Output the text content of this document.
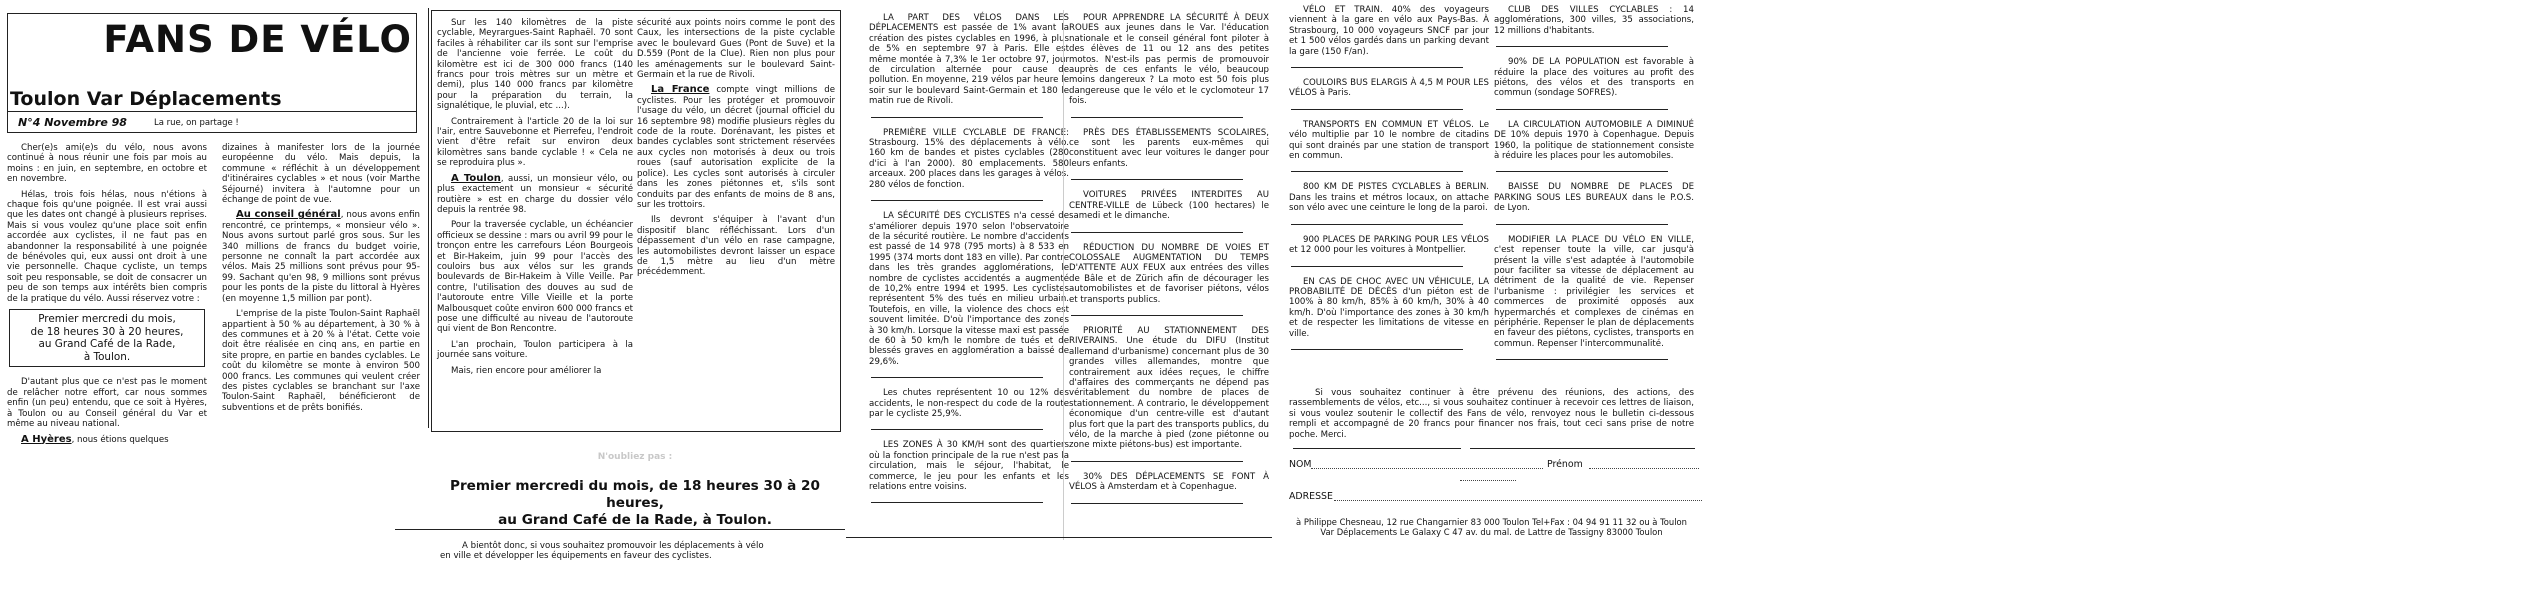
FANS DE VÉLO
Toulon Var Déplacements
N°4 Novembre 98	La rue, on partage !

Cher(e)s ami(e)s du vélo, nous avons continué à nous réunir une fois par mois au moins : en juin, en septembre, en octobre et en novembre.

Hélas, trois fois hélas, nous n'étions à chaque fois qu'une poignée. Il est vrai aussi que les dates ont changé à plusieurs reprises. Mais si vous voulez qu'une place soit enfin accordée aux cyclistes, il ne faut pas en abandonner la responsabilité à une poignée de bénévoles qui, eux aussi ont droit à une vie personnelle. Chaque cycliste, un temps soit peu responsable, se doit de consacrer un peu de son temps aux intérêts bien compris de la pratique du vélo. Aussi réservez votre :

Premier mercredi du mois,
de 18 heures 30 à 20 heures,
au Grand Café de la Rade,
à Toulon.

D'autant plus que ce n'est pas le moment de relâcher notre effort, car nous sommes enfin (un peu) entendu, que ce soit à Hyères, à Toulon ou au Conseil général du Var et même au niveau national.

A Hyères, nous étions quelques

dizaines à manifester lors de la journée européenne du vélo. Mais depuis, la commune « réfléchit à un développement d'itinéraires cyclables » et nous (voir Marthe Séjourné) invitera à l'automne pour un échange de point de vue.

Au conseil général, nous avons enfin rencontré, ce printemps, « monsieur vélo ». Nous avons surtout parlé gros sous. Sur les 340 millions de francs du budget voirie, personne ne connaît la part accordée aux vélos. Mais 25 millions sont prévus pour 95-99. Sachant qu'en 98, 9 millions sont prévus pour les ponts de la piste du littoral à Hyères (en moyenne 1,5 million par pont).

L'emprise de la piste Toulon-Saint Raphaël appartient à 50 % au département, à 30 % à des communes et à 20 % à l'état. Cette voie doit être réalisée en cinq ans, en partie en site propre, en partie en bandes cyclables. Le coût du kilomètre se monte à environ 500 000 francs. Les communes qui veulent créer des pistes cyclables se branchant sur l'axe Toulon-Saint Raphaël, bénéficieront de subventions et de prêts bonifiés.

Sur les 140 kilomètres de la piste cyclable, Meyrargues-Saint Raphaël. 70 sont faciles à réhabiliter car ils sont sur l'emprise de l'ancienne voie ferrée. Le coût du kilomètre est ici de 300 000 francs (140 francs pour trois mètres sur un mètre et demi), plus 140 000 francs par kilomètre pour la préparation du terrain, la signalétique, le pluvial, etc ...).

Contrairement à l'article 20 de la loi sur l'air, entre Sauvebonne et Pierrefeu, l'endroit vient d'être refait sur environ deux kilomètres sans bande cyclable ! « Cela ne se reproduira plus ».

A Toulon, aussi, un monsieur vélo, ou plus exactement un monsieur « sécurité routière » est en charge du dossier vélo depuis la rentrée 98.

Pour la traversée cyclable, un échéancier officieux se dessine : mars ou avril 99 pour le tronçon entre les carrefours Léon Bourgeois et Bir-Hakeim, juin 99 pour l'accès des couloirs bus aux vélos sur les grands boulevards de Bir-Hakeim à Ville Veille. Par contre, l'utilisation des douves au sud de l'autoroute entre Ville Vieille et la porte Malbousquet coûte environ 600 000 francs et pose une difficulté au niveau de l'autoroute qui vient de Bon Rencontre.

L'an prochain, Toulon participera à la journée sans voiture.

Mais, rien encore pour améliorer la

sécurité aux points noirs comme le pont des Caux, les intersections de la piste cyclable avec le boulevard Gues (Pont de Suve) et la D.559 (Pont de la Clue). Rien non plus pour les aménagements sur le boulevard Saint-Germain et la rue de Rivoli.

La France compte vingt millions de cyclistes. Pour les protéger et promouvoir l'usage du vélo, un décret (journal officiel du 16 septembre 98) modifie plusieurs règles du code de la route. Dorénavant, les pistes et bandes cyclables sont strictement réservées aux cycles non motorisés à deux ou trois roues (sauf autorisation explicite de la police). Les cycles sont autorisés à circuler dans les zones piétonnes et, s'ils sont conduits par des enfants de moins de 8 ans, sur les trottoirs.

Ils devront s'équiper à l'avant d'un dispositif blanc réfléchissant. Lors d'un dépassement d'un vélo en rase campagne, les automobilistes devront laisser un espace de 1,5 mètre au lieu d'un mètre précédemment.

N'oubliez pas :
Premier mercredi du mois, de 18 heures 30 à 20 heures,
au Grand Café de la Rade, à Toulon.
A bientôt donc, si vous souhaitez promouvoir les déplacements à vélo en ville et développer les équipements en faveur des cyclistes.

LA PART DES VÉLOS DANS LES DÉPLACEMENTS est passée de 1% avant la création des pistes cyclables en 1996, à plus de 5% en septembre 97 à Paris. Elle est même montée à 7,3% le 1er octobre 97, jour de circulation alternée pour cause de pollution. En moyenne, 219 vélos par heure le soir sur le boulevard Saint-Germain et 180 le matin rue de Rivoli.

PREMIÈRE VILLE CYCLABLE DE FRANCE: Strasbourg. 15% des déplacements à vélo. 160 km de bandes et pistes cyclables (280 d'ici à l'an 2000). 80 emplacements. 580 arceaux. 200 places dans les garages à vélos. 280 vélos de fonction.

LA SÉCURITÉ DES CYCLISTES n'a cessé de s'améliorer depuis 1970 selon l'observatoire de la sécurité routière. Le nombre d'accidents est passé de 14 978 (795 morts) à 8 533 en 1995 (374 morts dont 183 en ville). Par contre dans les très grandes agglomérations, le nombre de cyclistes accidentés a augmenté de 10,2% entre 1994 et 1995. Les cyclistes représentent 5% des tués en milieu urbain. Toutefois, en ville, la violence des chocs est souvent limitée. D'où l'importance des zones à 30 km/h. Lorsque la vitesse maxi est passée de 60 à 50 km/h le nombre de tués et de blessés graves en agglomération a baissé de 29,6%.

Les chutes représentent 10 ou 12% des accidents, le non-respect du code de la route par le cycliste 25,9%.

LES ZONES À 30 KM/H sont des quartiers où la fonction principale de la rue n'est pas la circulation, mais le séjour, l'habitat, le commerce, le jeu pour les enfants et les relations entre voisins.

POUR APPRENDRE LA SÉCURITÉ À DEUX ROUES aux jeunes dans le Var. l'éducation nationale et le conseil général font piloter à des élèves de 11 ou 12 ans des petites motos. N'est-ils pas permis de promouvoir auprès de ces enfants le vélo, beaucoup moins dangereux ? La moto est 50 fois plus dangereuse que le vélo et le cyclomoteur 17 fois.

PRÈS DES ÉTABLISSEMENTS SCOLAIRES, ce sont les parents eux-mêmes qui constituent avec leur voitures le danger pour leurs enfants.

VOITURES PRIVÉES INTERDITES AU CENTRE-VILLE de Lübeck (100 hectares) le samedi et le dimanche.

RÉDUCTION DU NOMBRE DE VOIES ET COLOSSALE AUGMENTATION DU TEMPS D'ATTENTE AUX FEUX aux entrées des villes de Bâle et de Zürich afin de décourager les automobilistes et de favoriser piétons, vélos et transports publics.

PRIORITÉ AU STATIONNEMENT DES RIVERAINS. Une étude du DIFU (Institut allemand d'urbanisme) concernant plus de 30 grandes villes allemandes, montre que contrairement aux idées reçues, le chiffre d'affaires des commerçants ne dépend pas véritablement du nombre de places de stationnement. A contrario, le développement économique d'un centre-ville est d'autant plus fort que la part des transports publics, du vélo, de la marche à pied (zone piétonne ou zone mixte piétons-bus) est importante.

30% DES DÉPLACEMENTS SE FONT À VÉLOS à Amsterdam et à Copenhague.

VÉLO ET TRAIN. 40% des voyageurs viennent à la gare en vélo aux Pays-Bas. À Strasbourg, 10 000 voyageurs SNCF par jour et 1 500 vélos gardés dans un parking devant la gare (150 F/an).

COULOIRS BUS ELARGIS À 4,5 M POUR LES VÉLOS à Paris.

TRANSPORTS EN COMMUN ET VÉLOS. Le vélo multiplie par 10 le nombre de citadins qui sont drainés par une station de transport en commun.

800 KM DE PISTES CYCLABLES à BERLIN. Dans les trains et métros locaux, on attache son vélo avec une ceinture le long de la paroi.

900 PLACES DE PARKING POUR LES VÉLOS et 12 000 pour les voitures à Montpellier.

EN CAS DE CHOC AVEC UN VÉHICULE, LA PROBABILITÉ DE DÉCÈS d'un piéton est de 100% à 80 km/h, 85% à 60 km/h, 30% à 40 km/h. D'où l'importance des zones à 30 km/h et de respecter les limitations de vitesse en ville.

CLUB DES VILLES CYCLABLES : 14 agglomérations, 300 villes, 35 associations, 12 millions d'habitants.

90% DE LA POPULATION est favorable à réduire la place des voitures au profit des piétons, des vélos et des transports en commun (sondage SOFRES).

LA CIRCULATION AUTOMOBILE A DIMINUÉ DE 10% depuis 1970 à Copenhague. Depuis 1960, la politique de stationnement consiste à réduire les places pour les automobiles.

BAISSE DU NOMBRE DE PLACES DE PARKING SOUS LES BUREAUX dans le P.O.S. de Lyon.

MODIFIER LA PLACE DU VÉLO EN VILLE, c'est repenser toute la ville, car jusqu'à présent la ville s'est adaptée à l'automobile pour faciliter sa vitesse de déplacement au détriment de la qualité de vie. Repenser l'urbanisme : privilégier les services et commerces de proximité opposés aux hypermarchés et complexes de cinémas en périphérie. Repenser le plan de déplacements en faveur des piétons, cyclistes, transports en commun. Repenser l'intercommunalité.

Si vous souhaitez continuer à être prévenu des réunions, des actions, des rassemblements de vélos, etc..., si vous souhaitez continuer à recevoir ces lettres de liaison, si vous voulez soutenir le collectif des Fans de vélo, renvoyez nous le bulletin ci-dessous rempli et accompagné de 20 francs pour financer nos frais, tout ceci sans prise de notre poche. Merci.
NOM	Prénom
ADRESSE
à Philippe Chesneau, 12 rue Changarnier 83 000 Toulon Tel+Fax : 04 94 91 11 32 ou à Toulon
Var Déplacements Le Galaxy C 47 av. du mal. de Lattre de Tassigny 83000 Toulon
